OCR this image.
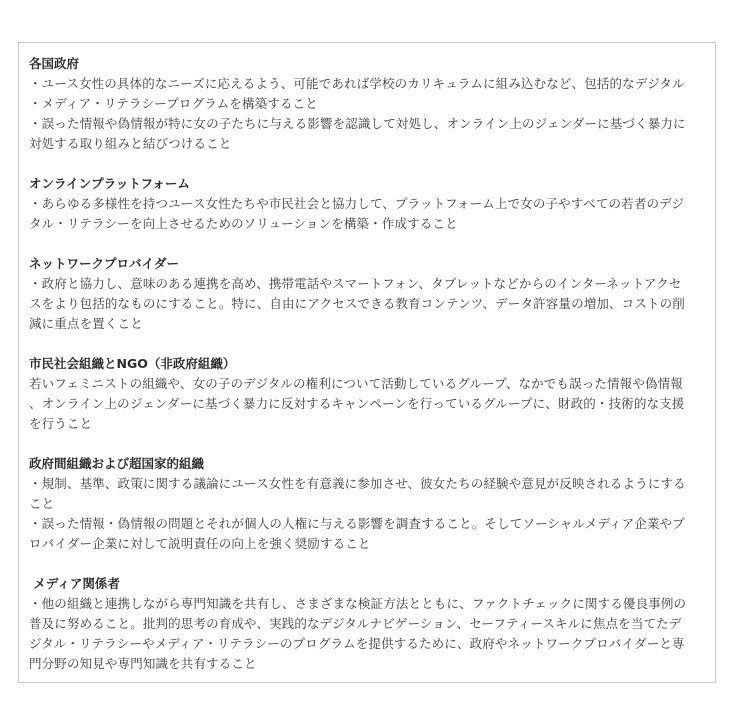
各国政府
・ユース女性の具体的なニーズに応えるよう、可能であれば学校のカリキュラムに組み込むなど、包括的なデジタル
・メディア・リテラシープログラムを構築すること
・誤った情報や偽情報が特に女の子たちに与える影響を認識して対処し、オンライン上のジェンダーに基づく暴力に
対処する取り組みと結びつけること
オンラインプラットフォーム
・あらゆる多様性を持つユース女性たちや市民社会と協力して、プラットフォーム上で女の子やすべての若者のデジ
タル・リテラシーを向上させるためのソリューションを構築・作成すること
ネットワークプロバイダー
・政府と協力し、意味のある連携を高め、携帯電話やスマートフォン、タブレットなどからのインターネットアクセ
スをより包括的なものにすること。特に、自由にアクセスできる教育コンテンツ、データ許容量の増加、コストの削
減に重点を置くこと
市民社会組織とNGO（非政府組織）
若いフェミニストの組織や、女の子のデジタルの権利について活動しているグループ、なかでも誤った情報や偽情報
、オンライン上のジェンダーに基づく暴力に反対するキャンペーンを行っているグループに、財政的・技術的な支援
を行うこと
政府間組織および超国家的組織
・規制、基準、政策に関する議論にユース女性を有意義に参加させ、彼女たちの経験や意見が反映されるようにする
こと
・誤った情報・偽情報の問題とそれが個人の人権に与える影響を調査すること。そしてソーシャルメディア企業やプ
ロバイダー企業に対して説明責任の向上を強く奨励すること
メディア関係者
・他の組織と連携しながら専門知識を共有し、さまざまな検証方法とともに、ファクトチェックに関する優良事例の
普及に努めること。批判的思考の育成や、実践的なデジタルナビゲーション、セーフティースキルに焦点を当てたデ
ジタル・リテラシーやメディア・リテラシーのプログラムを提供するために、政府やネットワークプロバイダーと専
門分野の知見や専門知識を共有すること
